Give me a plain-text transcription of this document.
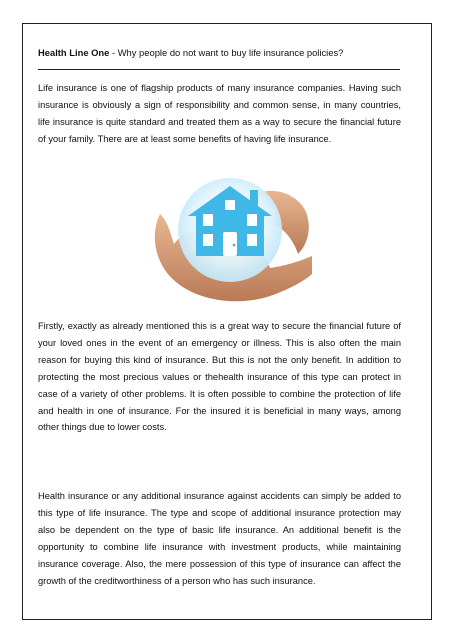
Health Line One - Why people do not want to buy life insurance policies?

Life insurance is one of flagship products of many insurance companies. Having such insurance is obviously a sign of responsibility and common sense, in many countries, life insurance is quite standard and treated them as a way to secure the financial future of your family. There are at least some benefits of having life insurance.

Firstly, exactly as already mentioned this is a great way to secure the financial future of your loved ones in the event of an emergency or illness. This is also often the main reason for buying this kind of insurance. But this is not the only benefit. In addition to protecting the most precious values or thehealth insurance of this type can protect in case of a variety of other problems. It is often possible to combine the protection of life and health in one of insurance. For the insured it is beneficial in many ways, among other things due to lower costs.

Health insurance or any additional insurance against accidents can simply be added to this type of life insurance. The type and scope of additional insurance protection may also be dependent on the type of basic life insurance. An additional benefit is the opportunity to combine life insurance with investment products, while maintaining insurance coverage. Also, the mere possession of this type of insurance can affect the growth of the creditworthiness of a person who has such insurance.
